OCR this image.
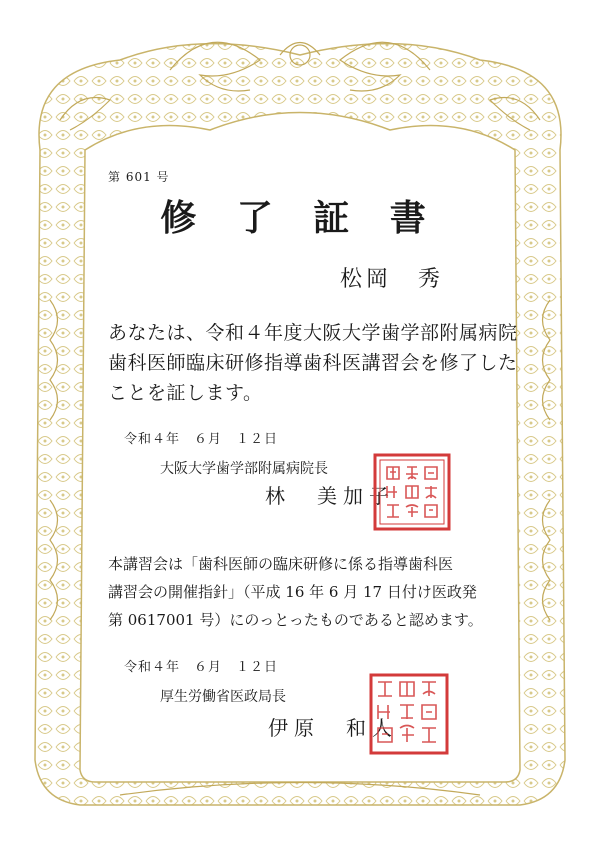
第 601 号
修 了 証 書
松岡　秀
あなたは、令和４年度大阪大学歯学部附属病院
歯科医師臨床研修指導歯科医講習会を修了した
ことを証します。
令和４年　６月　１２日
大阪大学歯学部附属病院長
林　美加子
本講習会は「歯科医師の臨床研修に係る指導歯科医
講習会の開催指針」（平成 16 年 6 月 17 日付け医政発
第 0617001 号）にのっとったものであると認めます。
令和４年　６月　１２日
厚生労働省医政局長
伊原　和人
